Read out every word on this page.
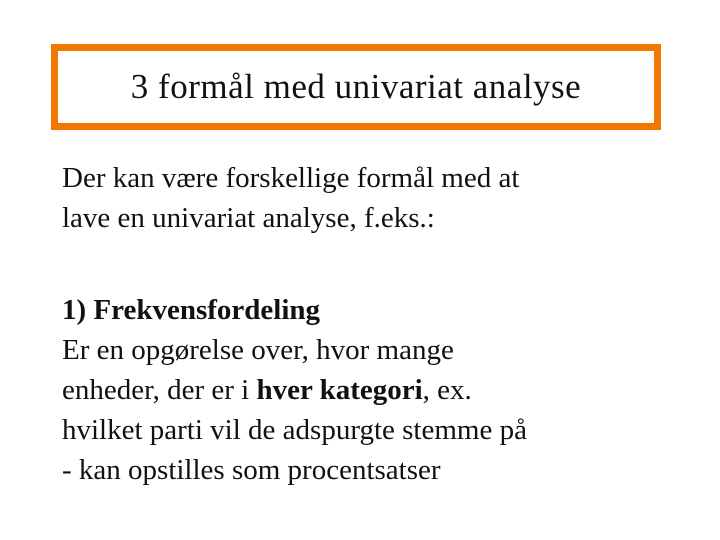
3 formål med univariat analyse
Der kan være forskellige formål med at
lave en univariat analyse, f.eks.:
1) Frekvensfordeling
Er en opgørelse over, hvor mange
enheder, der er i hver kategori, ex.
hvilket parti vil de adspurgte stemme på
- kan opstilles som procentsatser
